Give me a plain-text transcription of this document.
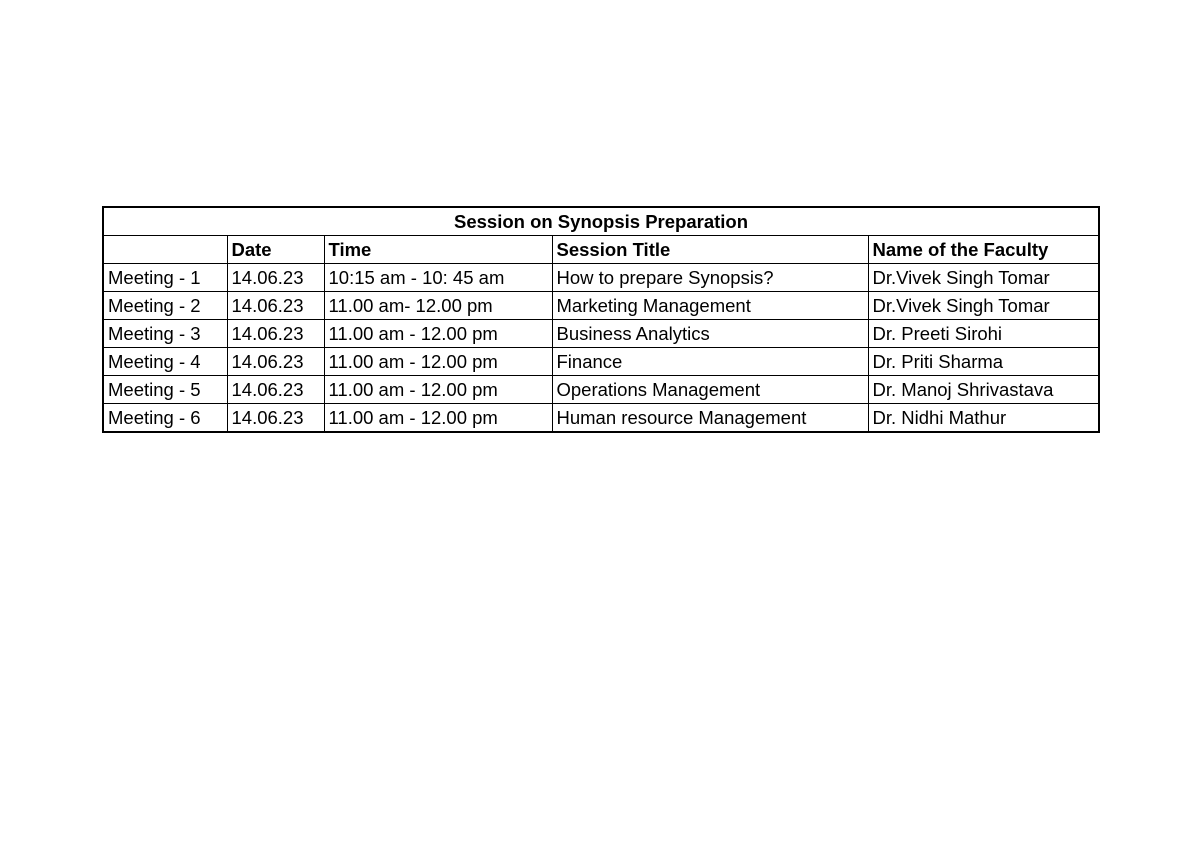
Session on Synopsis Preparation				
	Date	Time	Session Title	Name of the Faculty
Meeting - 1	14.06.23	10:15 am - 10: 45 am	How to prepare Synopsis?	Dr.Vivek Singh Tomar
Meeting - 2	14.06.23	11.00 am- 12.00 pm	Marketing Management	Dr.Vivek Singh Tomar
Meeting - 3	14.06.23	11.00 am - 12.00 pm	Business Analytics	Dr. Preeti Sirohi
Meeting - 4	14.06.23	11.00 am - 12.00 pm	Finance	Dr. Priti Sharma
Meeting - 5	14.06.23	11.00 am - 12.00 pm	Operations Management	Dr. Manoj Shrivastava
Meeting - 6	14.06.23	11.00 am - 12.00 pm	Human resource Management	Dr. Nidhi Mathur
